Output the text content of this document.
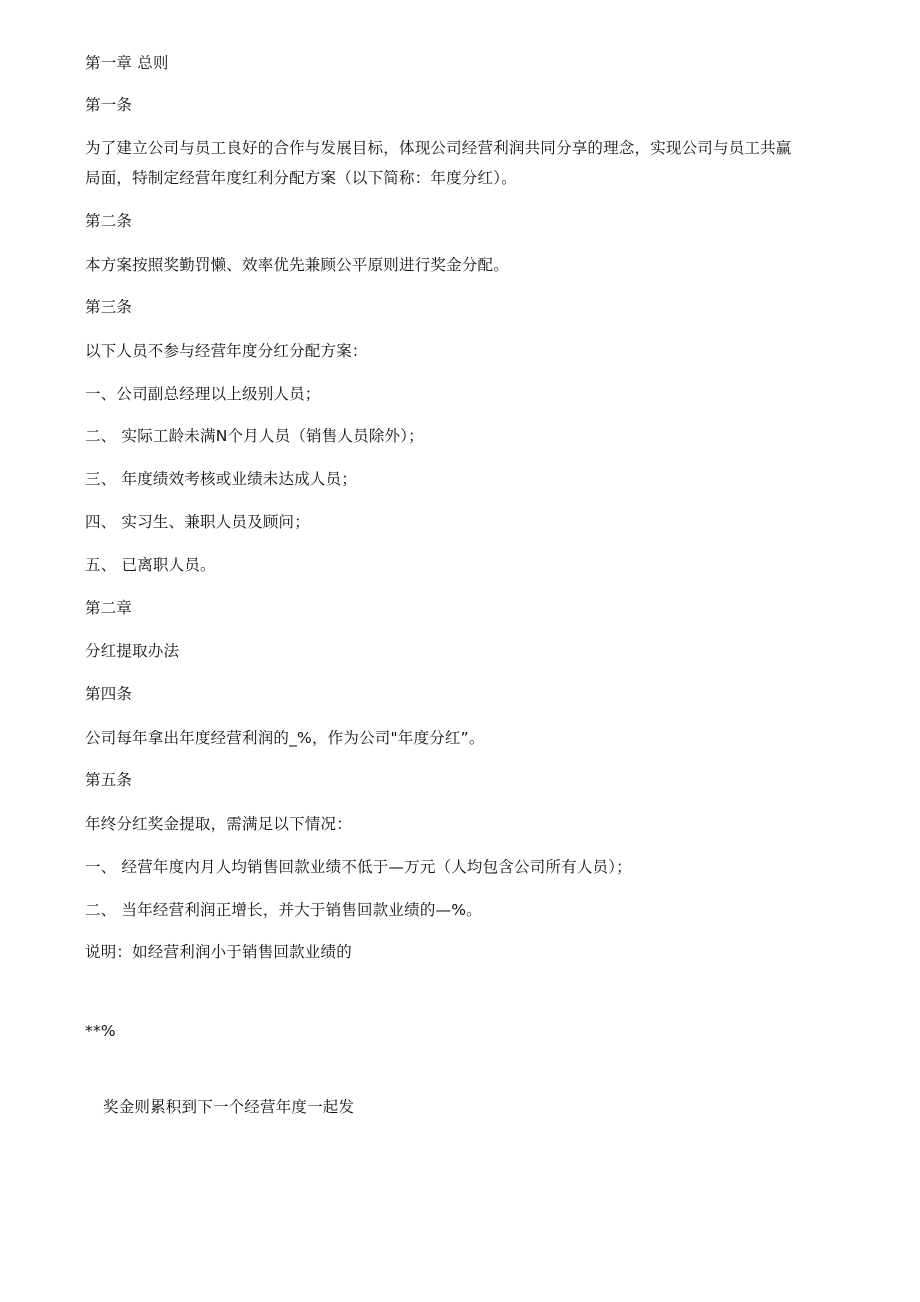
第一章 总则
第一条
为了建立公司与员工良好的合作与发展目标，体现公司经营利润共同分享的理念，实现公司与员工共赢局面，特制定经营年度红利分配方案（以下简称：年度分红）。
第二条
本方案按照奖勤罚懒、效率优先兼顾公平原则进行奖金分配。
第三条
以下人员不参与经营年度分红分配方案：
一、公司副总经理以上级别人员；
二、 实际工龄未满N个月人员（销售人员除外）；
三、 年度绩效考核或业绩未达成人员；
四、 实习生、兼职人员及顾问；
五、 已离职人员。
第二章
分红提取办法
第四条
公司每年拿出年度经营利润的_%，作为公司"年度分红”。
第五条
年终分红奖金提取，需满足以下情况：
一、 经营年度内月人均销售回款业绩不低于—万元（人均包含公司所有人员）；
二、 当年经营利润正增长，并大于销售回款业绩的—%。
说明：如经营利润小于销售回款业绩的
**%
奖金则累积到下一个经营年度一起发
